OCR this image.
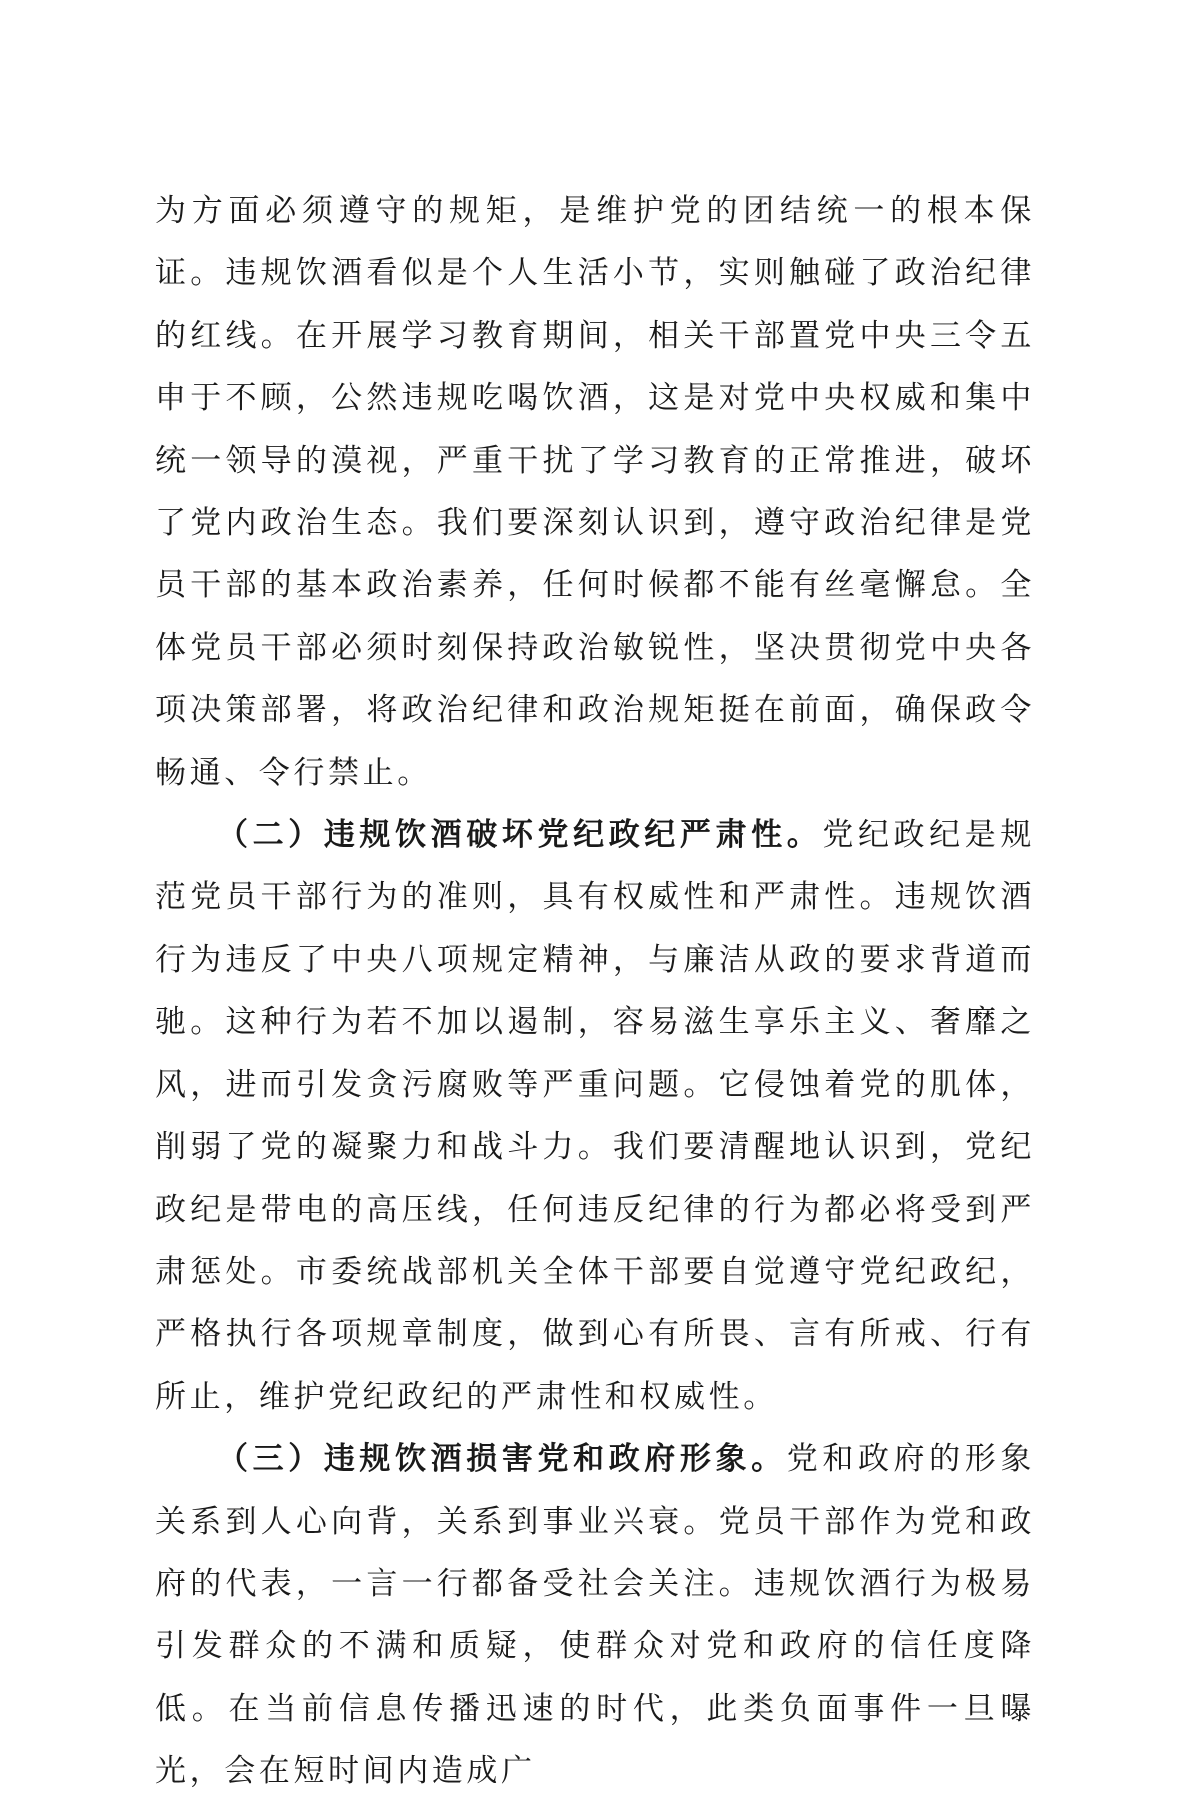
为方面必须遵守的规矩，是维护党的团结统一的根本保证。违规饮酒看似是个人生活小节，实则触碰了政治纪律的红线。在开展学习教育期间，相关干部置党中央三令五申于不顾，公然违规吃喝饮酒，这是对党中央权威和集中统一领导的漠视，严重干扰了学习教育的正常推进，破坏了党内政治生态。我们要深刻认识到，遵守政治纪律是党员干部的基本政治素养，任何时候都不能有丝毫懈怠。全体党员干部必须时刻保持政治敏锐性，坚决贯彻党中央各项决策部署，将政治纪律和政治规矩挺在前面，确保政令畅通、令行禁止。

（二）违规饮酒破坏党纪政纪严肃性。党纪政纪是规范党员干部行为的准则，具有权威性和严肃性。违规饮酒行为违反了中央八项规定精神，与廉洁从政的要求背道而驰。这种行为若不加以遏制，容易滋生享乐主义、奢靡之风，进而引发贪污腐败等严重问题。它侵蚀着党的肌体，削弱了党的凝聚力和战斗力。我们要清醒地认识到，党纪政纪是带电的高压线，任何违反纪律的行为都必将受到严肃惩处。市委统战部机关全体干部要自觉遵守党纪政纪，严格执行各项规章制度，做到心有所畏、言有所戒、行有所止，维护党纪政纪的严肃性和权威性。

（三）违规饮酒损害党和政府形象。党和政府的形象关系到人心向背，关系到事业兴衰。党员干部作为党和政府的代表，一言一行都备受社会关注。违规饮酒行为极易引发群众的不满和质疑，使群众对党和政府的信任度降低。在当前信息传播迅速的时代，此类负面事件一旦曝光，会在短时间内造成广
